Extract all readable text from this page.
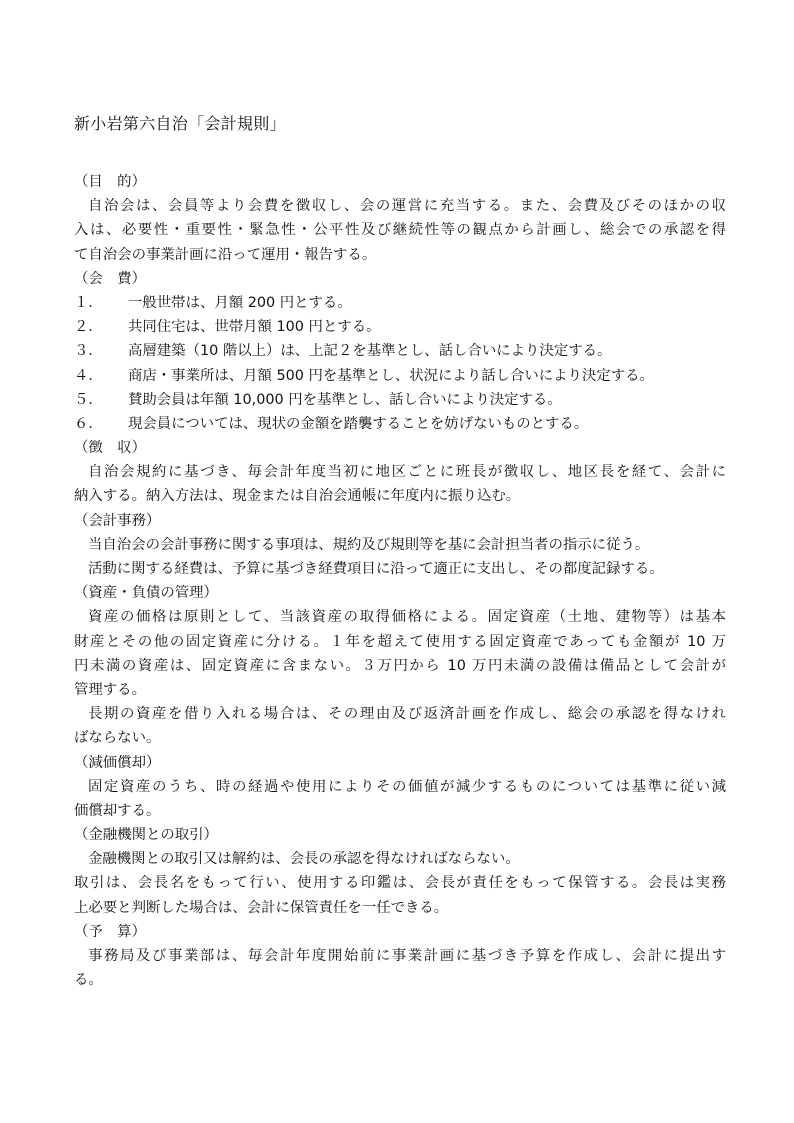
新小岩第六自治「会計規則」
（目　的）
自治会は、会員等より会費を徴収し、会の運営に充当する。また、会費及びそのほかの収
入は、必要性・重要性・緊急性・公平性及び継続性等の観点から計画し、総会での承認を得
て自治会の事業計画に沿って運用・報告する。
（会　費）
１． 一般世帯は、月額 200 円とする。
２． 共同住宅は、世帯月額 100 円とする。
３． 高層建築（10 階以上）は、上記２を基準とし、話し合いにより決定する。
４． 商店・事業所は、月額 500 円を基準とし、状況により話し合いにより決定する。
５． 賛助会員は年額 10,000 円を基準とし、話し合いにより決定する。
６． 現会員については、現状の金額を踏襲することを妨げないものとする。
（徴　収）
自治会規約に基づき、毎会計年度当初に地区ごとに班長が徴収し、地区長を経て、会計に
納入する。納入方法は、現金または自治会通帳に年度内に振り込む。
（会計事務）
当自治会の会計事務に関する事項は、規約及び規則等を基に会計担当者の指示に従う。
活動に関する経費は、予算に基づき経費項目に沿って適正に支出し、その都度記録する。
（資産・負債の管理）
資産の価格は原則として、当該資産の取得価格による。固定資産（土地、建物等）は基本
財産とその他の固定資産に分ける。１年を超えて使用する固定資産であっても金額が 10 万
円未満の資産は、固定資産に含まない。３万円から 10 万円未満の設備は備品として会計が
管理する。
長期の資産を借り入れる場合は、その理由及び返済計画を作成し、総会の承認を得なけれ
ばならない。
（減価償却）
固定資産のうち、時の経過や使用によりその価値が減少するものについては基準に従い減
価償却する。
（金融機関との取引）
金融機関との取引又は解約は、会長の承認を得なければならない。
取引は、会長名をもって行い、使用する印鑑は、会長が責任をもって保管する。会長は実務
上必要と判断した場合は、会計に保管責任を一任できる。
（予　算）
事務局及び事業部は、毎会計年度開始前に事業計画に基づき予算を作成し、会計に提出す
る。
